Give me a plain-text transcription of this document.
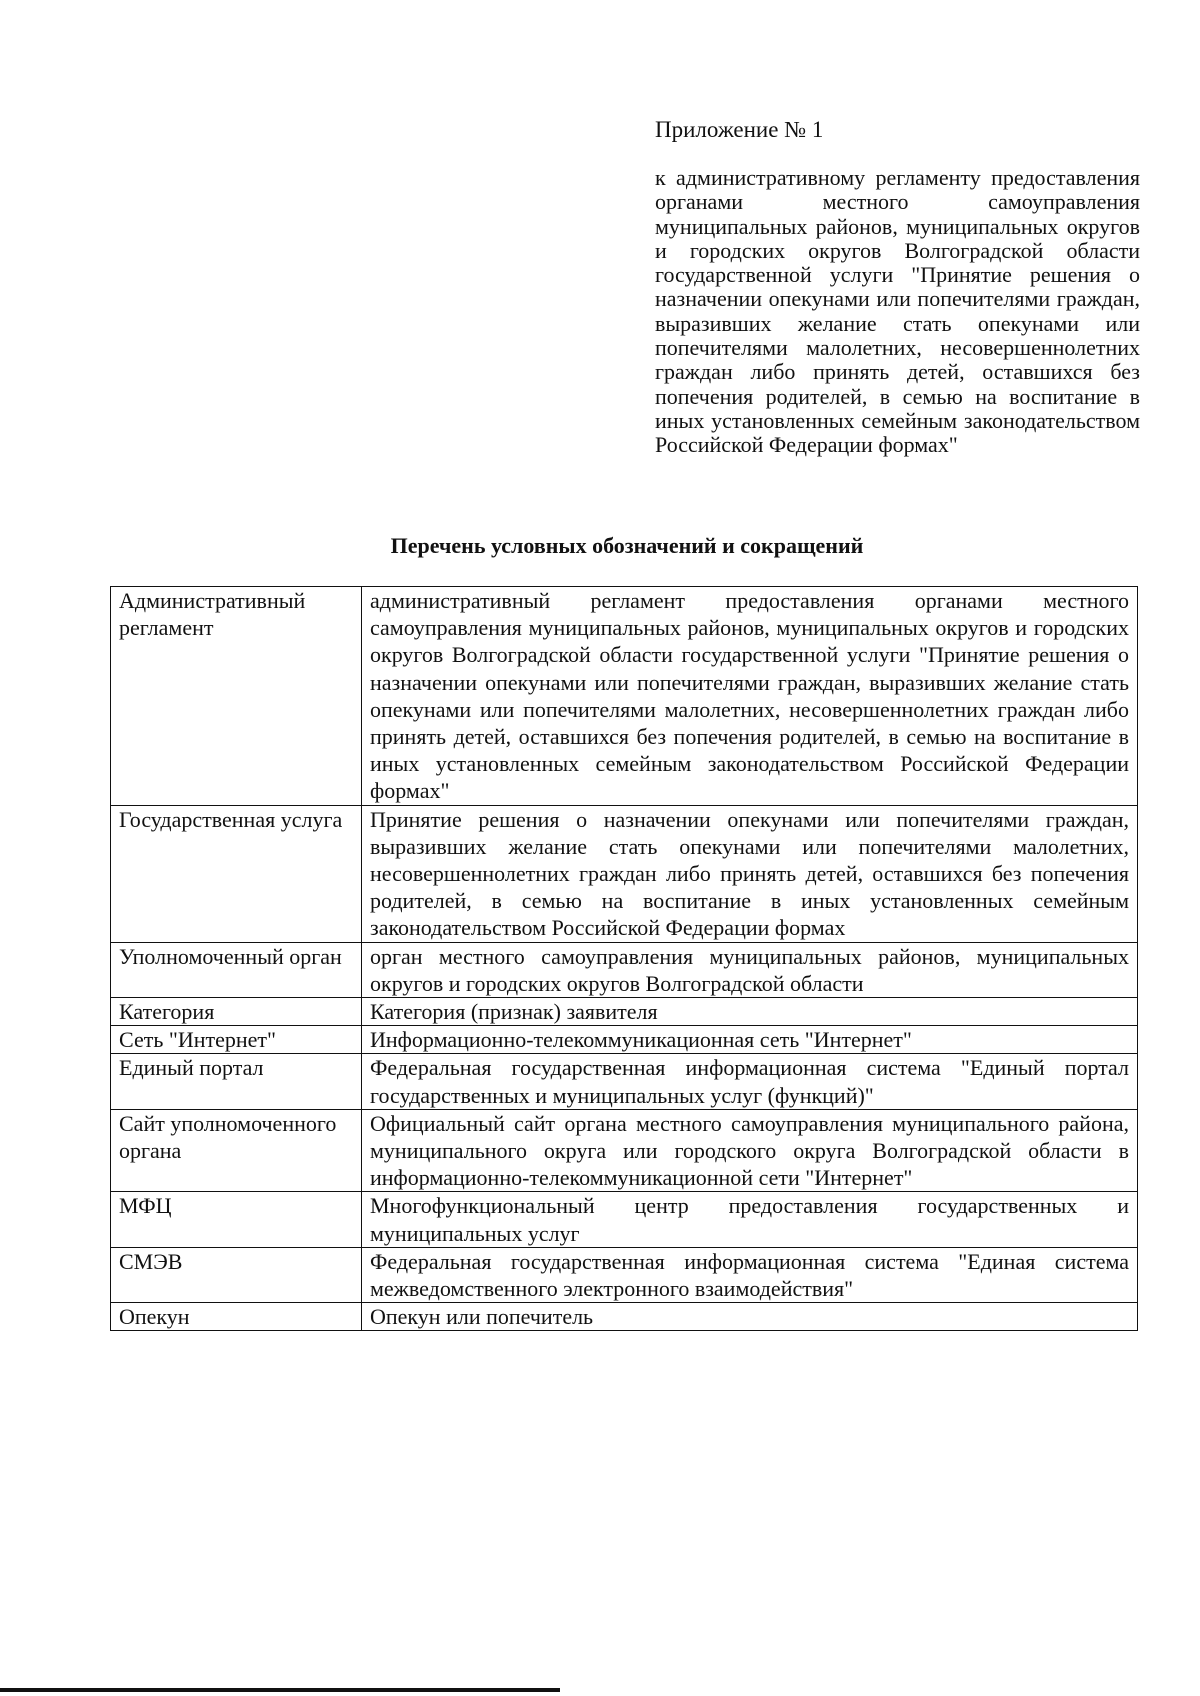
Приложение № 1
к административному регламенту предоставления органами местного самоуправления муниципальных районов, муниципальных округов и городских округов Волгоградской области государственной услуги "Принятие решения о назначении опекунами или попечителями граждан, выразивших желание стать опекунами или попечителями малолетних, несовершеннолетних граждан либо принять детей, оставшихся без попечения родителей, в семью на воспитание в иных установленных семейным законодательством Российской Федерации формах"
Перечень условных обозначений и сокращений
Административный регламент	административный регламент предоставления органами местного самоуправления муниципальных районов, муниципальных округов и городских округов Волгоградской области государственной услуги "Принятие решения о назначении опекунами или попечителями граждан, выразивших желание стать опекунами или попечителями малолетних, несовершеннолетних граждан либо принять детей, оставшихся без попечения родителей, в семью на воспитание в иных установленных семейным законодательством Российской Федерации формах"
Государственная услуга	Принятие решения о назначении опекунами или попечителями граждан, выразивших желание стать опекунами или попечителями малолетних, несовершеннолетних граждан либо принять детей, оставшихся без попечения родителей, в семью на воспитание в иных установленных семейным законодательством Российской Федерации формах
Уполномоченный орган	орган местного самоуправления муниципальных районов, муниципальных округов и городских округов Волгоградской области
Категория	Категория (признак) заявителя
Сеть "Интернет"	Информационно-телекоммуникационная сеть "Интернет"
Единый портал	Федеральная государственная информационная система "Единый портал государственных и муниципальных услуг (функций)"
Сайт уполномоченного органа	Официальный сайт органа местного самоуправления муниципального района, муниципального округа или городского округа Волгоградской области в информационно-телекоммуникационной сети "Интернет"
МФЦ	Многофункциональный центр предоставления государственных и муниципальных услуг
СМЭВ	Федеральная государственная информационная система "Единая система межведомственного электронного взаимодействия"
Опекун	Опекун или попечитель
